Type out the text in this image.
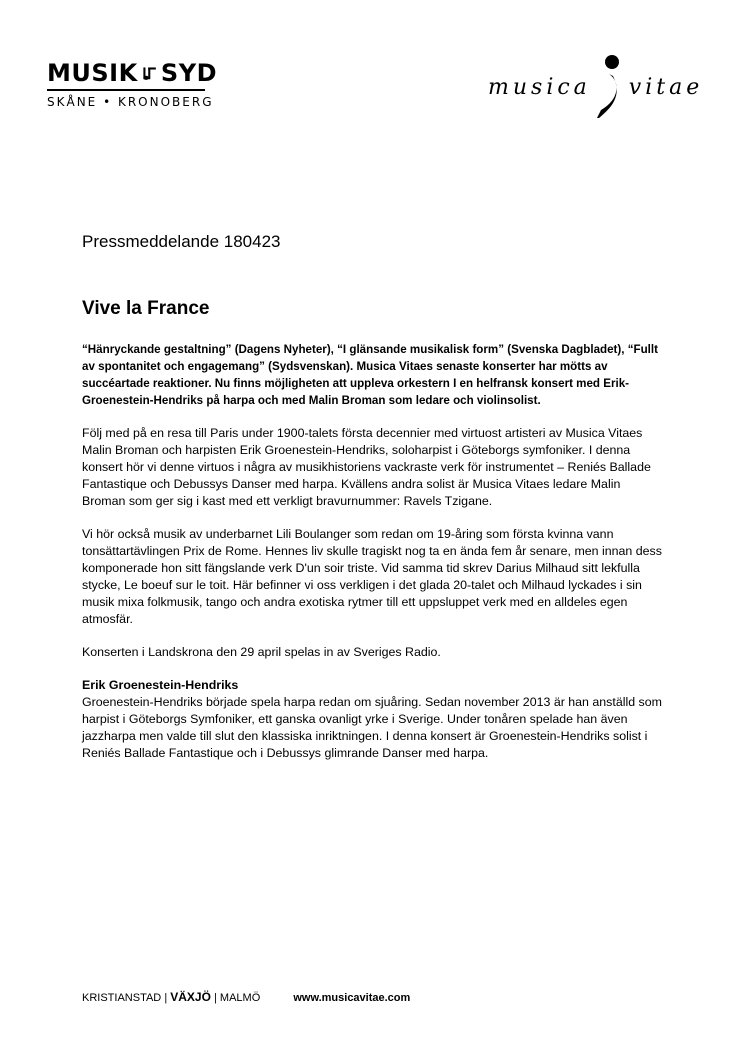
MUSIK SYD
SKÅNE • KRONOBERG
musica vitae
Pressmeddelande 180423
Vive la France

“Hänryckande gestaltning” (Dagens Nyheter), “I glänsande musikalisk form” (Svenska Dagbladet), “Fullt av spontanitet och engagemang” (Sydsvenskan). Musica Vitaes senaste konserter har mötts av succéartade reaktioner. Nu finns möjligheten att uppleva orkestern I en helfransk konsert med Erik-Groenestein-Hendriks på harpa och med Malin Broman som ledare och violinsolist.

Följ med på en resa till Paris under 1900-talets första decennier med virtuost artisteri av Musica Vitaes Malin Broman och harpisten Erik Groenestein-Hendriks, soloharpist i Göteborgs symfoniker. I denna konsert hör vi denne virtuos i några av musikhistoriens vackraste verk för instrumentet – Reniés Ballade Fantastique och Debussys Danser med harpa. Kvällens andra solist är Musica Vitaes ledare Malin Broman som ger sig i kast med ett verkligt bravurnummer: Ravels Tzigane.

Vi hör också musik av underbarnet Lili Boulanger som redan om 19-åring som första kvinna vann tonsättartävlingen Prix de Rome. Hennes liv skulle tragiskt nog ta en ända fem år senare, men innan dess komponerade hon sitt fängslande verk D'un soir triste. Vid samma tid skrev Darius Milhaud sitt lekfulla stycke, Le boeuf sur le toit. Här befinner vi oss verkligen i det glada 20-talet och Milhaud lyckades i sin musik mixa folkmusik, tango och andra exotiska rytmer till ett uppsluppet verk med en alldeles egen atmosfär.

Konserten i Landskrona den 29 april spelas in av Sveriges Radio.

Erik Groenestein-Hendriks

Groenestein-Hendriks började spela harpa redan om sjuåring. Sedan november 2013 är han anställd som harpist i Göteborgs Symfoniker, ett ganska ovanligt yrke i Sverige. Under tonåren spelade han även jazzharpa men valde till slut den klassiska inriktningen. I denna konsert är Groenestein-Hendriks solist i Reniés Ballade Fantastique och i Debussys glimrande Danser med harpa.

KRISTIANSTAD | VÄXJÖ | MALMÖ	www.musicavitae.com
